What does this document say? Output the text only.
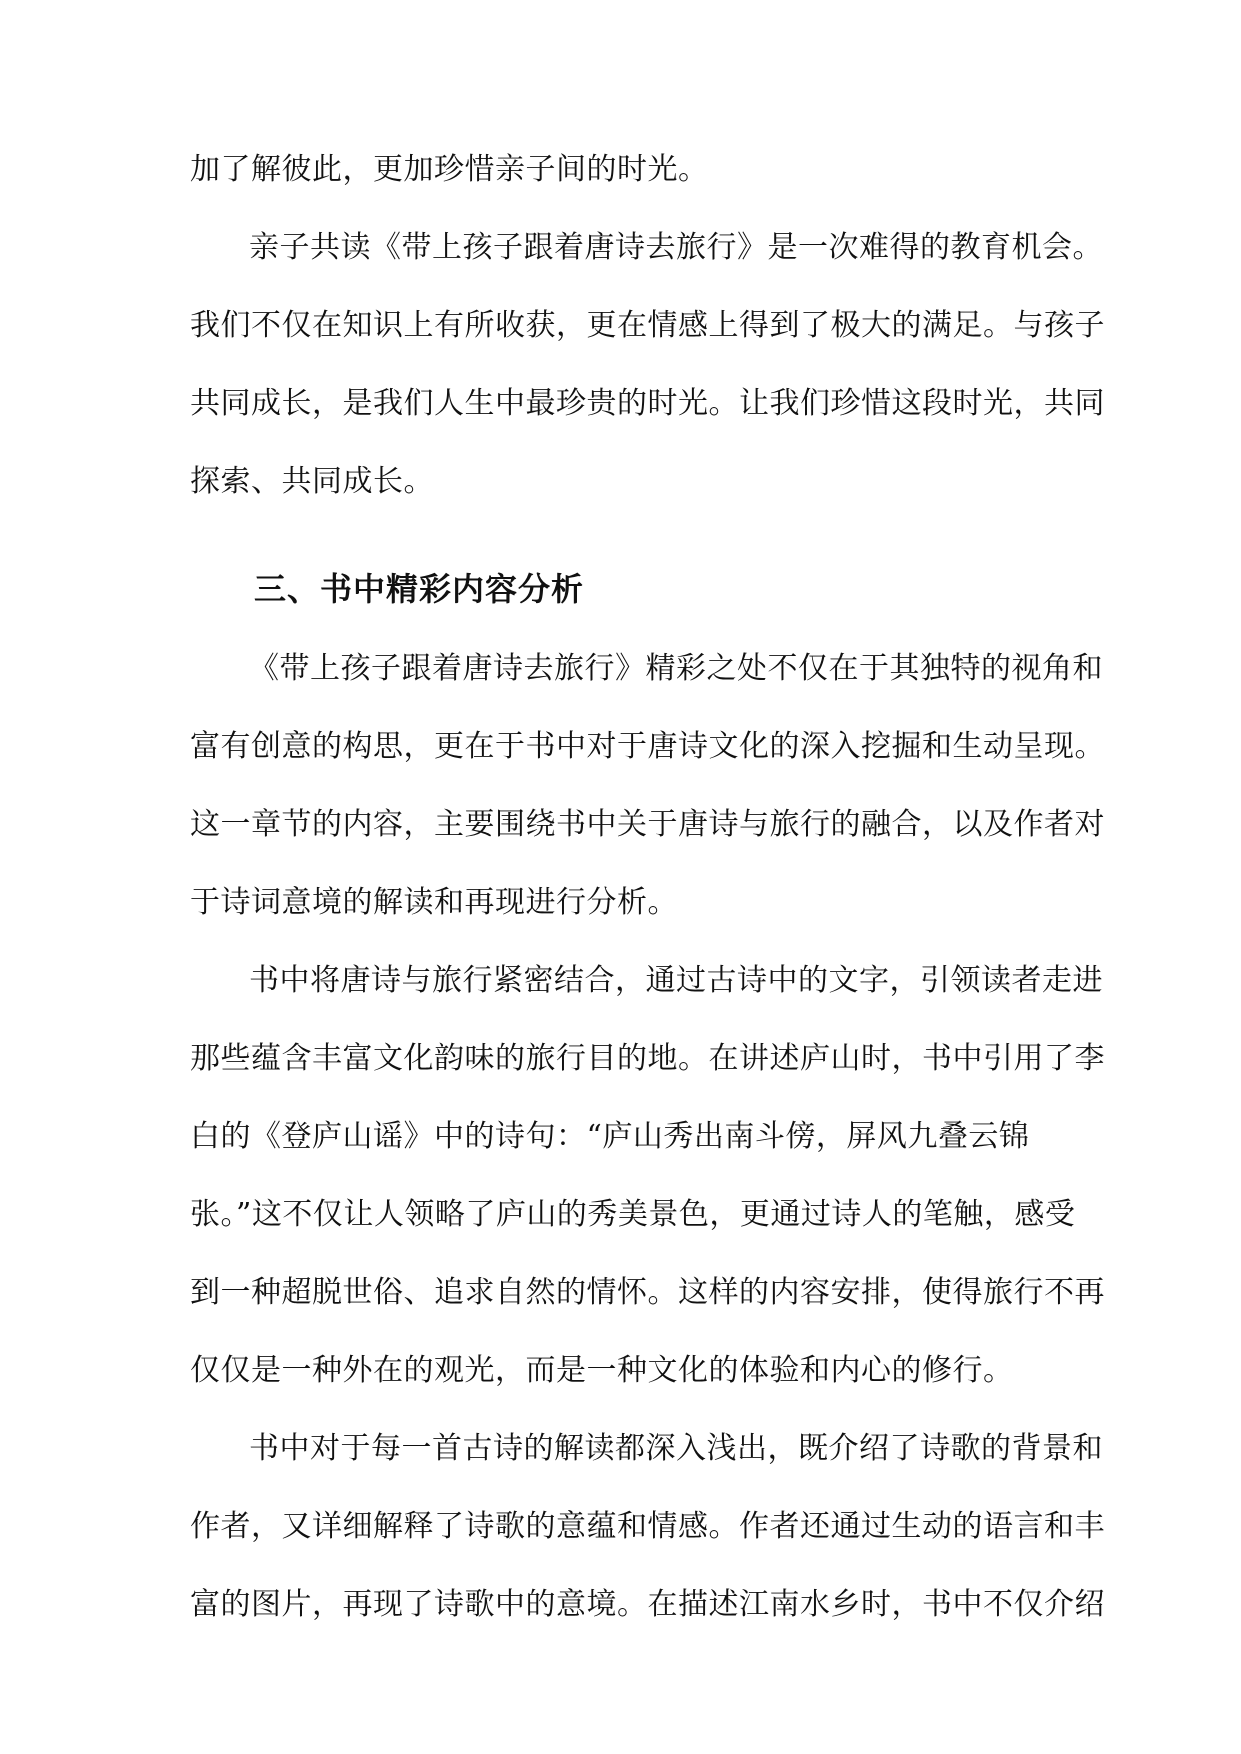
加了解彼此，更加珍惜亲子间的时光。
亲子共读《带上孩子跟着唐诗去旅行》是一次难得的教育机会。
我们不仅在知识上有所收获，更在情感上得到了极大的满足。与孩子
共同成长，是我们人生中最珍贵的时光。让我们珍惜这段时光，共同
探索、共同成长。
三、书中精彩内容分析
《带上孩子跟着唐诗去旅行》精彩之处不仅在于其独特的视角和
富有创意的构思，更在于书中对于唐诗文化的深入挖掘和生动呈现。
这一章节的内容，主要围绕书中关于唐诗与旅行的融合，以及作者对
于诗词意境的解读和再现进行分析。
书中将唐诗与旅行紧密结合，通过古诗中的文字，引领读者走进
那些蕴含丰富文化韵味的旅行目的地。在讲述庐山时，书中引用了李
白的《登庐山谣》中的诗句：“庐山秀出南斗傍，屏风九叠云锦
张。”这不仅让人领略了庐山的秀美景色，更通过诗人的笔触，感受
到一种超脱世俗、追求自然的情怀。这样的内容安排，使得旅行不再
仅仅是一种外在的观光，而是一种文化的体验和内心的修行。
书中对于每一首古诗的解读都深入浅出，既介绍了诗歌的背景和
作者，又详细解释了诗歌的意蕴和情感。作者还通过生动的语言和丰
富的图片，再现了诗歌中的意境。在描述江南水乡时，书中不仅介绍
